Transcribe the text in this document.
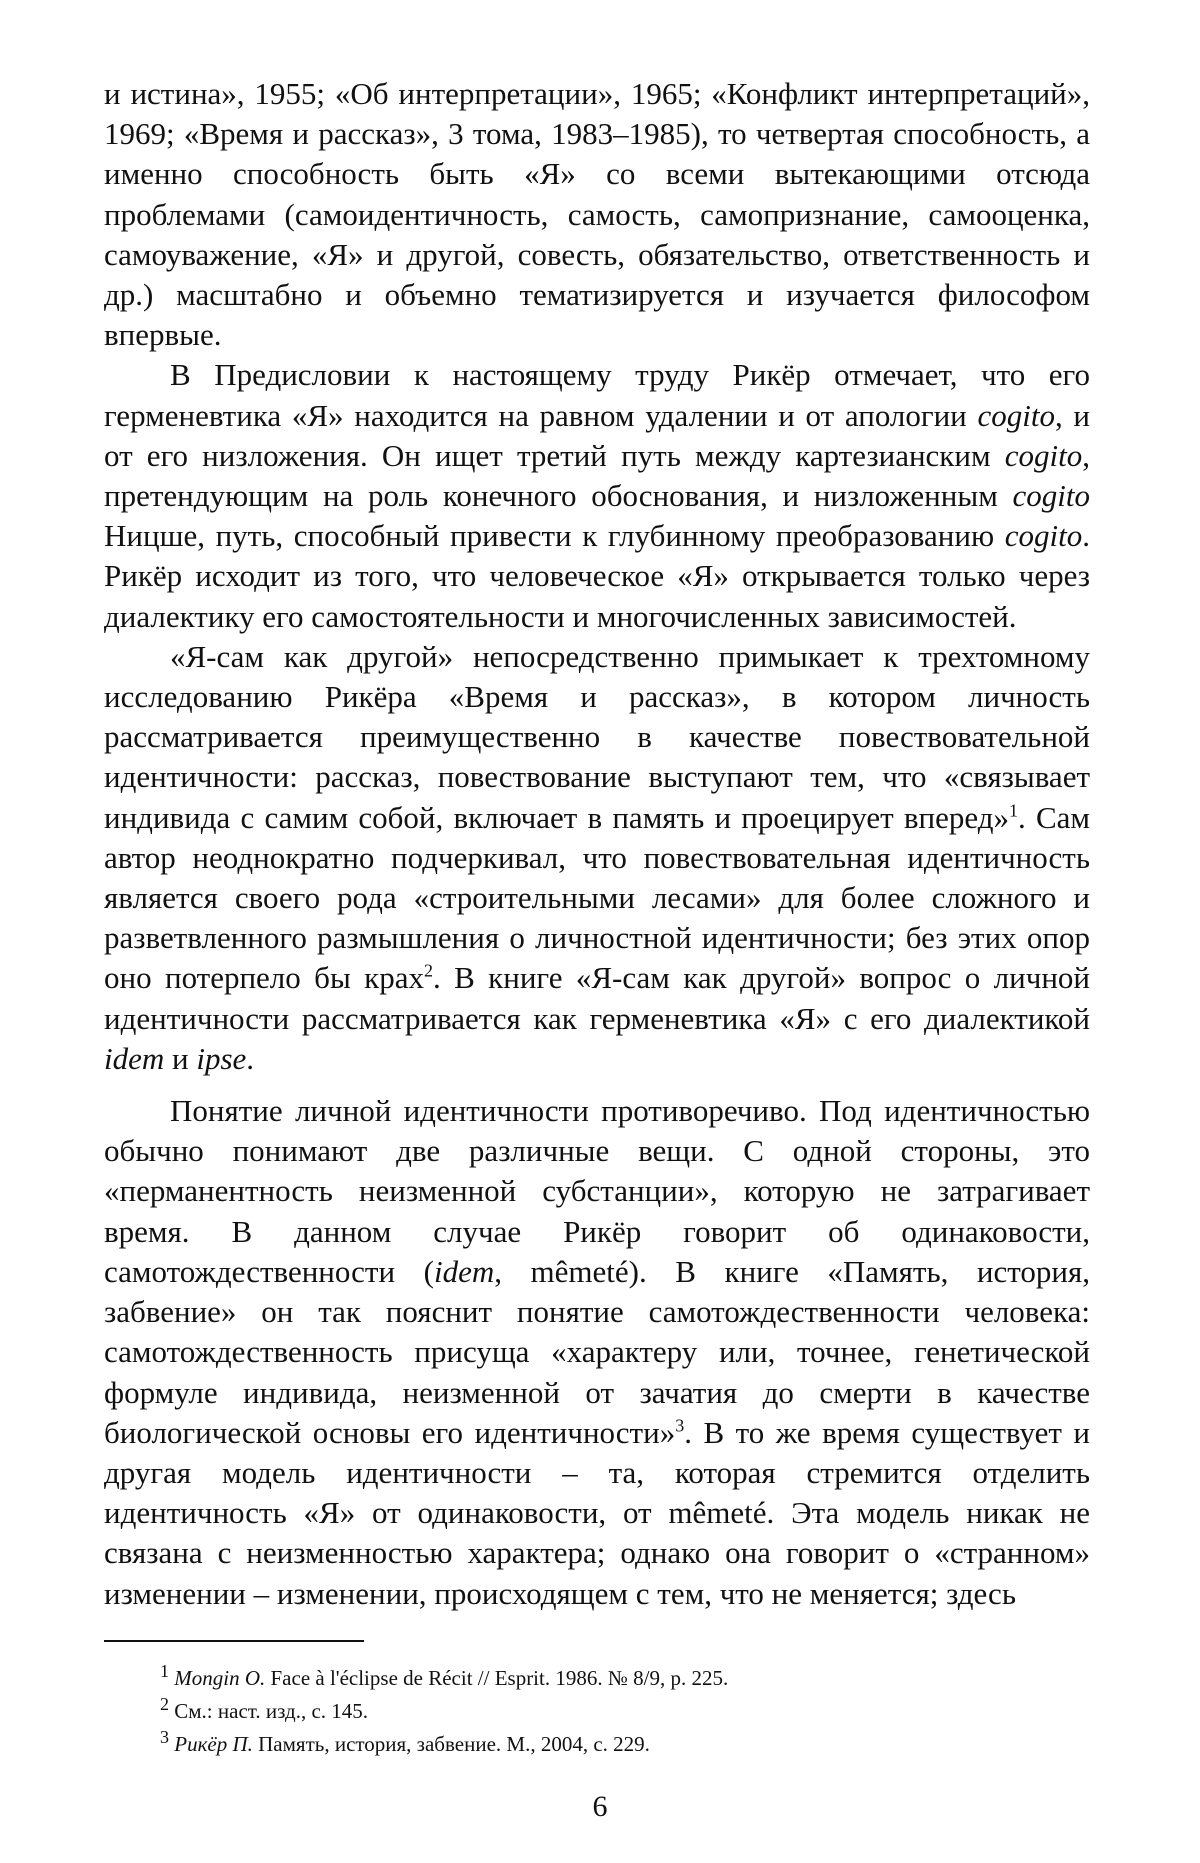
и истина», 1955; «Об интерпретации», 1965; «Конфликт интерпретаций», 1969; «Время и рассказ», 3 тома, 1983–1985), то четвертая способность, а именно способность быть «Я» со всеми вытекающими отсюда проблемами (самоидентичность, самость, самопризнание, самооценка, самоуважение, «Я» и другой, совесть, обязательство, ответственность и др.) масштабно и объемно тематизируется и изучается философом впервые.

В Предисловии к настоящему труду Рикёр отмечает, что его герменевтика «Я» находится на равном удалении и от апологии cogito, и от его низложения. Он ищет третий путь между картезианским cogito, претендующим на роль конечного обоснования, и низложенным cogito Ницше, путь, способный привести к глубинному преобразованию cogito. Рикёр исходит из того, что человеческое «Я» открывается только через диалектику его самостоятельности и многочисленных зависимостей.

«Я-сам как другой» непосредственно примыкает к трехтомному исследованию Рикёра «Время и рассказ», в котором личность рассматривается преимущественно в качестве повествовательной идентичности: рассказ, повествование выступают тем, что «связывает индивида с самим собой, включает в память и проецирует вперед»$^1$. Сам автор неоднократно подчеркивал, что повествовательная идентичность является своего рода «строительными лесами» для более сложного и разветвленного размышления о личностной идентичности; без этих опор оно потерпело бы крах$^2$. В книге «Я-сам как другой» вопрос о личной идентичности рассматривается как герменевтика «Я» с его диалектикой idem и ipse.

Понятие личной идентичности противоречиво. Под идентичностью обычно понимают две различные вещи. С одной стороны, это «перманентность неизменной субстанции», которую не затрагивает время. В данном случае Рикёр говорит об одинаковости, самотождественности (idem, mêmeté). В книге «Память, история, забвение» он так пояснит понятие самотождественности человека: самотождественность присуща «характеру или, точнее, генетической формуле индивида, неизменной от зачатия до смерти в качестве биологической основы его идентичности»$^3$. В то же время существует и другая модель идентичности – та, которая стремится отделить идентичность «Я» от одинаковости, от mêmeté. Эта модель никак не связана с неизменностью характера; однако она говорит о «странном» изменении – изменении, происходящем с тем, что не меняется; здесь

$^1$ Mongin O. Face à l'éclipse de Récit // Esprit. 1986. № 8/9, p. 225.

$^2$ См.: наст. изд., с. 145.

$^3$ Рикёр П. Память, история, забвение. М., 2004, с. 229.

6
